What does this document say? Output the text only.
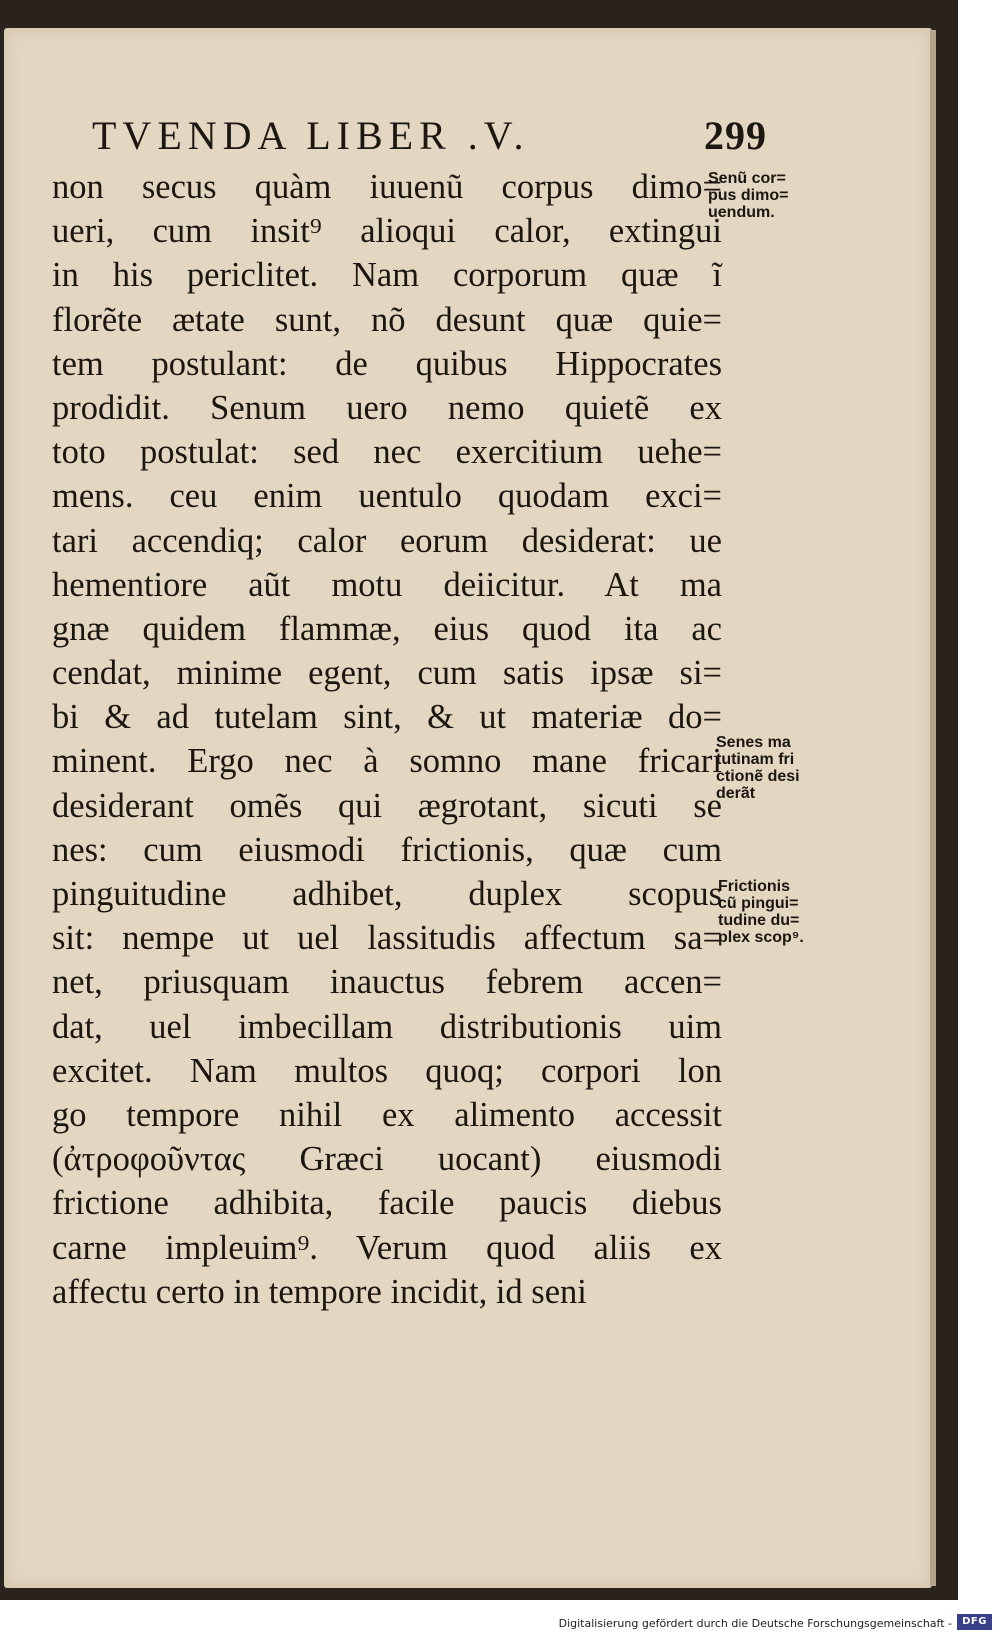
TVENDA LIBER .V.	299
non secus quàm iuuenũ corpus dimo=
ueri, cum insit⁹ alioqui calor, extingui
in his periclitet. Nam corporum quæ ĩ
florẽte ætate sunt, nõ desunt quæ quie=
tem postulant: de quibus Hippocrates
prodidit. Senum uero nemo quietẽ ex
toto postulat: sed nec exercitium uehe=
mens. ceu enim uentulo quodam exci=
tari accendiq; calor eorum desiderat: ue
hementiore aũt motu deiicitur. At ma
gnæ quidem flammæ, eius quod ita ac
cendat, minime egent, cum satis ipsæ si=
bi & ad tutelam sint, & ut materiæ do=
minent. Ergo nec à somno mane fricari
desiderant omẽs qui ægrotant, sicuti se
nes: cum eiusmodi frictionis, quæ cum
pinguitudine adhibet, duplex scopus
sit: nempe ut uel lassitudis affectum sa=
net, priusquam inauctus febrem accen=
dat, uel imbecillam distributionis uim
excitet. Nam multos quoq; corpori lon
go tempore nihil ex alimento accessit
(ἀτροφοῦντας Græci uocant) eiusmodi
frictione adhibita, facile paucis diebus
carne impleuim⁹. Verum quod aliis ex
affectu certo in tempore incidit, id seni
Senũ cor=
pus dimo=
uendum.
Senes ma
tutinam fri
ctionẽ desi
derãt
Frictionis
cũ pingui=
tudine du=
plex scop⁹.
Digitalisierung gefördert durch die Deutsche Forschungsgemeinschaft -	DFG
